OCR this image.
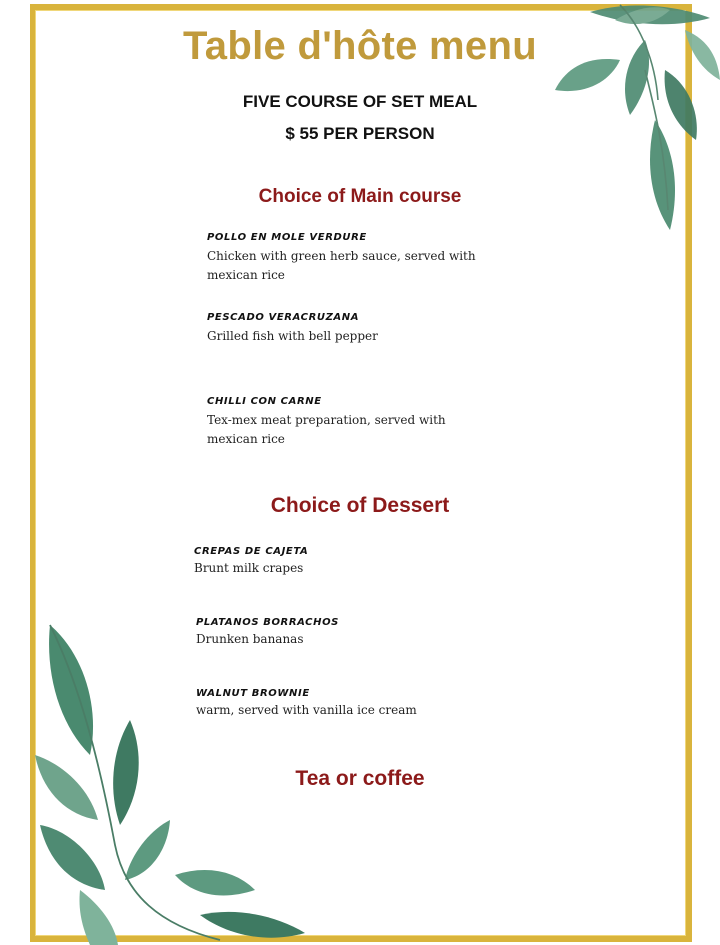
Table d'hôte menu
FIVE COURSE OF SET MEAL
$ 55 PER PERSON
Choice of Main course
POLLO EN MOLE VERDURE
Chicken with green herb sauce, served with
mexican rice
PESCADO VERACRUZANA
Grilled fish with bell pepper
CHILLI CON CARNE
Tex-mex meat preparation, served with
mexican rice
Choice of Dessert
CREPAS DE CAJETA
Brunt milk crapes
PLATANOS BORRACHOS
Drunken bananas
WALNUT BROWNIE
warm, served with vanilla ice cream
Tea or coffee
